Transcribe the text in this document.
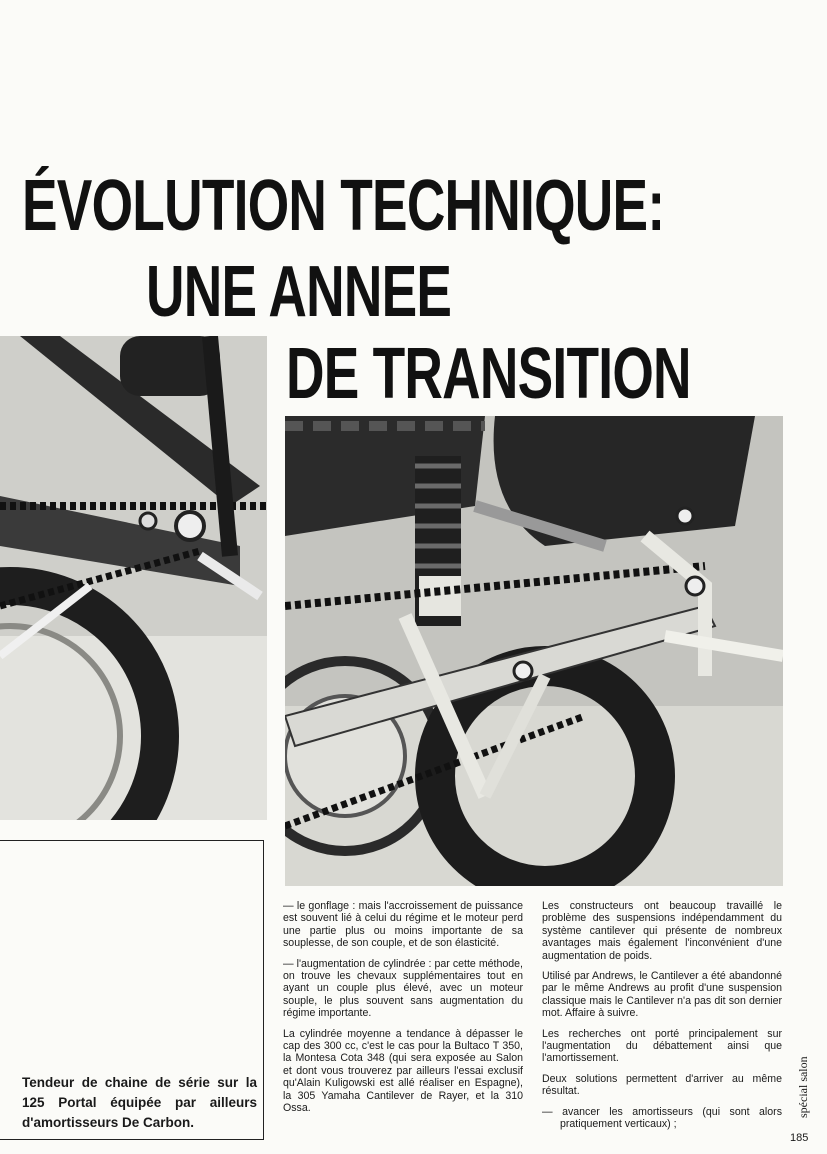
ÉVOLUTION TECHNIQUE:
UNE ANNEE
DE TRANSITION

Tendeur de chaine de série sur la 125 Portal équipée par ailleurs d'amortisseurs De Carbon.

— le gonflage : mais l'accroissement de puissance est souvent lié à celui du régime et le moteur perd une partie plus ou moins importante de sa souplesse, de son couple, et de son élasticité.

— l'augmentation de cylindrée : par cette méthode, on trouve les chevaux supplémentaires tout en ayant un couple plus élevé, avec un moteur souple, le plus souvent sans augmentation du régime importante.

La cylindrée moyenne a tendance à dépasser le cap des 300 cc, c'est le cas pour la Bultaco T 350, la Montesa Cota 348 (qui sera exposée au Salon et dont vous trouverez par ailleurs l'essai exclusif qu'Alain Kuligowski est allé réaliser en Espagne), la 305 Yamaha Cantilever de Rayer, et la 310 Ossa.

Les constructeurs ont beaucoup travaillé le problème des suspensions indépendamment du système cantilever qui présente de nombreux avantages mais également l'inconvénient d'une augmentation de poids.

Utilisé par Andrews, le Cantilever a été abandonné par le même Andrews au profit d'une suspension classique mais le Cantilever n'a pas dit son dernier mot. Affaire à suivre.

Les recherches ont porté principalement sur l'augmentation du débattement ainsi que l'amortissement.

Deux solutions permettent d'arriver au même résultat.

— avancer les amortisseurs (qui sont alors pratiquement verticaux) ;

spécial salon
185
